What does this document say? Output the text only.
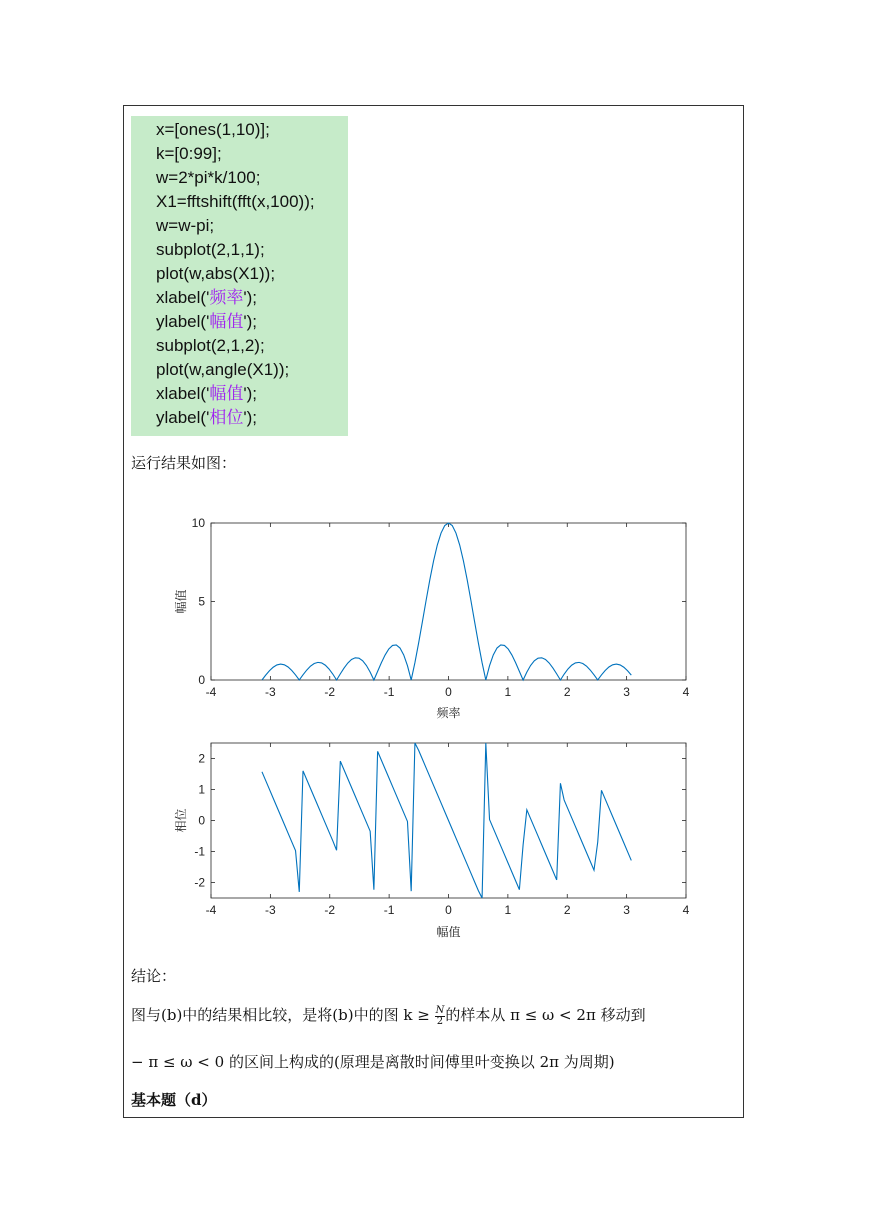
x=[ones(1,10)];
k=[0:99];
w=2*pi*k/100;
X1=fftshift(fft(x,100));
w=w-pi;
subplot(2,1,1);
plot(w,abs(X1));
xlabel('频率');
ylabel('幅值');
subplot(2,1,2);
plot(w,angle(X1));
xlabel('幅值');
ylabel('相位');
运行结果如图：
-4	-3	-2	-1	0	1	2	3	4
0
5
10
频率
幅值
-4	-3	-2	-1	0	1	2	3	4
-2
-1
0
1
2
幅值
相位
结论：
图与(b)中的结果相比较，是将(b)中的图 $k \ge \frac{N}{2}$ 的样本从 π ≤ ω < 2π 移动到
− π ≤ ω < 0 的区间上构成的(原理是离散时间傅里叶变换以 2π 为周期)
基本题（d）
